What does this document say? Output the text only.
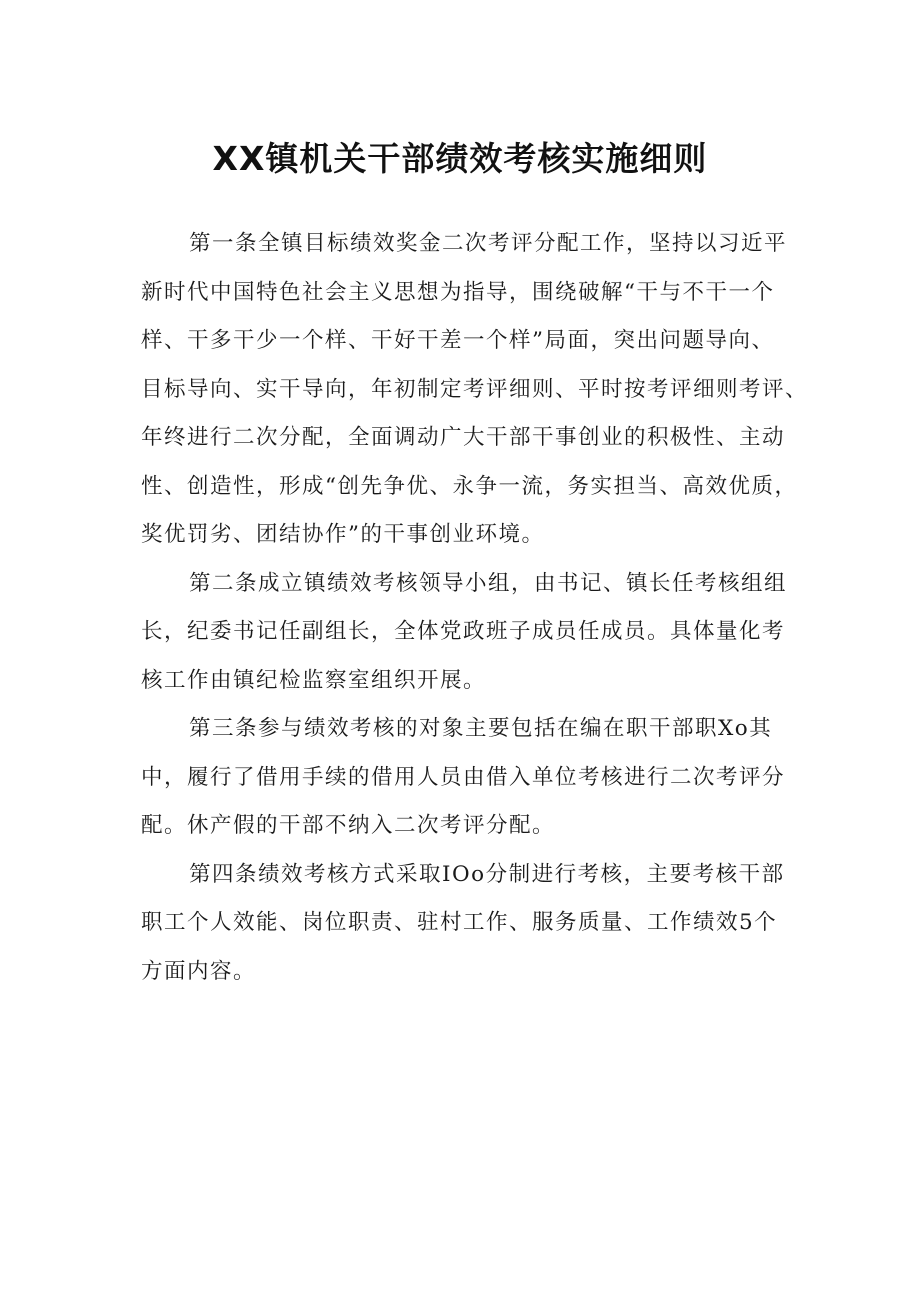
XX镇机关干部绩效考核实施细则
第一条全镇目标绩效奖金二次考评分配工作，坚持以习近平
新时代中国特色社会主义思想为指导，围绕破解“干与不干一个
样、干多干少一个样、干好干差一个样”局面，突出问题导向、
目标导向、实干导向，年初制定考评细则、平时按考评细则考评、
年终进行二次分配，全面调动广大干部干事创业的积极性、主动
性、创造性，形成“创先争优、永争一流，务实担当、高效优质，
奖优罚劣、团结协作”的干事创业环境。
第二条成立镇绩效考核领导小组，由书记、镇长任考核组组
长，纪委书记任副组长，全体党政班子成员任成员。具体量化考
核工作由镇纪检监察室组织开展。
第三条参与绩效考核的对象主要包括在编在职干部职Xo其
中，履行了借用手续的借用人员由借入单位考核进行二次考评分
配。休产假的干部不纳入二次考评分配。
第四条绩效考核方式采取IOo分制进行考核，主要考核干部
职工个人效能、岗位职责、驻村工作、服务质量、工作绩效5个
方面内容。
